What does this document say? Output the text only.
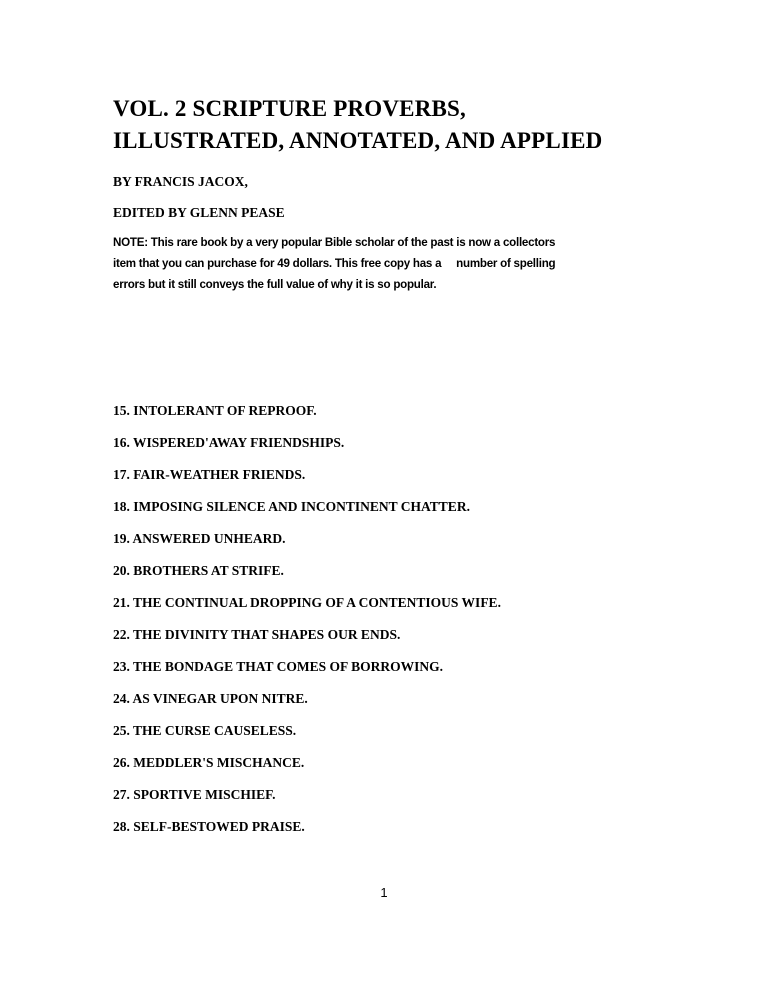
VOL. 2 SCRIPTURE PROVERBS,
ILLUSTRATED, ANNOTATED, AND APPLIED
BY FRANCIS JACOX,
EDITED BY GLENN PEASE
NOTE: This rare book by a very popular Bible scholar of the past is now a collectors
item that you can purchase for 49 dollars. This free copy has a     number of spelling
errors but it still conveys the full value of why it is so popular.
15. INTOLERANT OF REPROOF.
16. WISPERED'AWAY FRIENDSHIPS.
17. FAIR-WEATHER FRIENDS.
18. IMPOSING SILENCE AND INCONTINENT CHATTER.
19. ANSWERED UNHEARD.
20. BROTHERS AT STRIFE.
21. THE CONTINUAL DROPPING OF A CONTENTIOUS WIFE.
22. THE DIVINITY THAT SHAPES OUR ENDS.
23. THE BONDAGE THAT COMES OF BORROWING.
24. AS VINEGAR UPON NITRE.
25. THE CURSE CAUSELESS.
26. MEDDLER'S MISCHANCE.
27. SPORTIVE MISCHIEF.
28. SELF-BESTOWED PRAISE.
1
